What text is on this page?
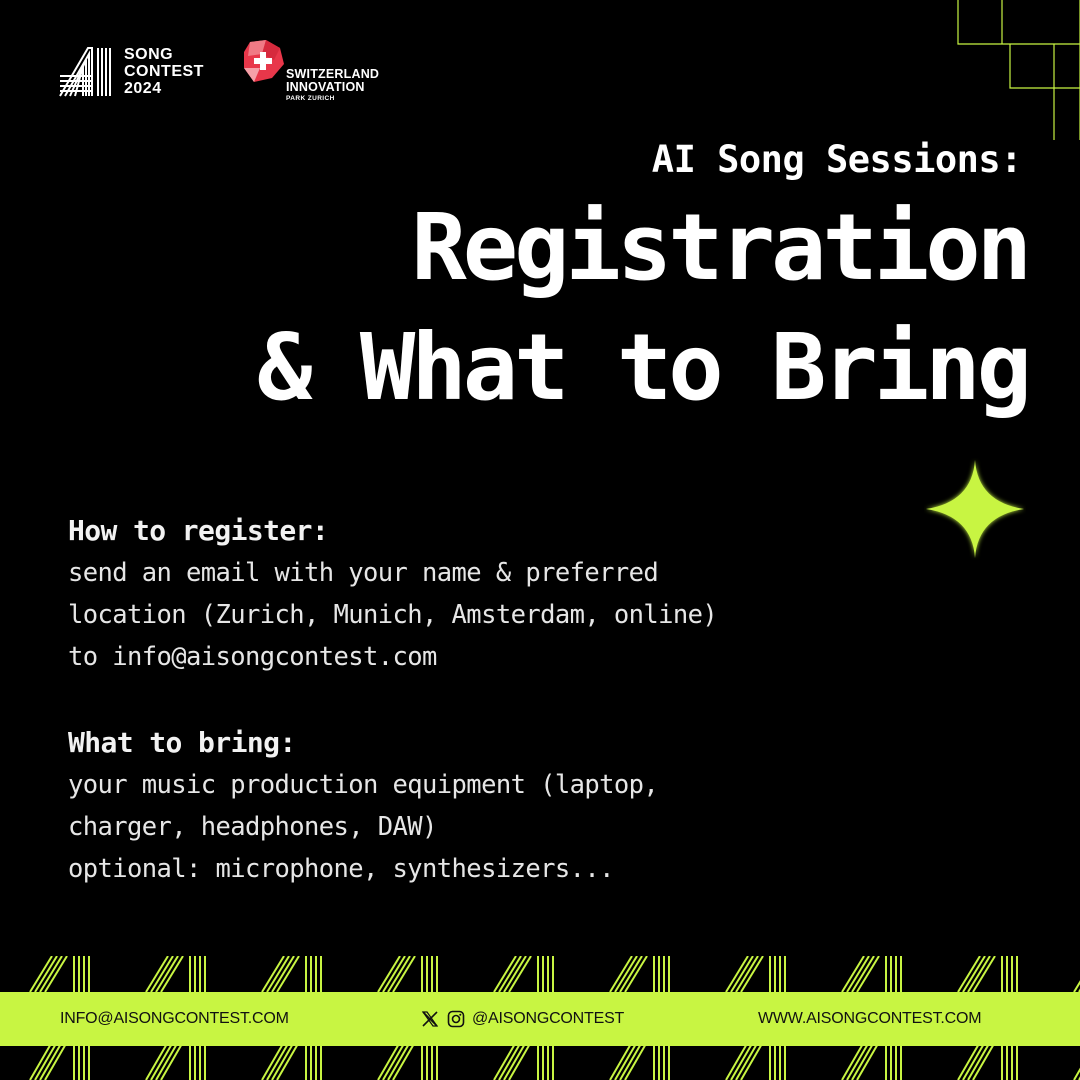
SONG
CONTEST
2024
SWITZERLAND
INNOVATION
PARK ZURICH
AI Song Sessions:
Registration
& What to Bring
How to register:
send an email with your name & preferred
location (Zurich, Munich, Amsterdam, online)
to info@aisongcontest.com
What to bring:
your music production equipment (laptop,
charger, headphones, DAW)
optional: microphone, synthesizers...
INFO@AISONGCONTEST.COM	@AISONGCONTEST	WWW.AISONGCONTEST.COM
